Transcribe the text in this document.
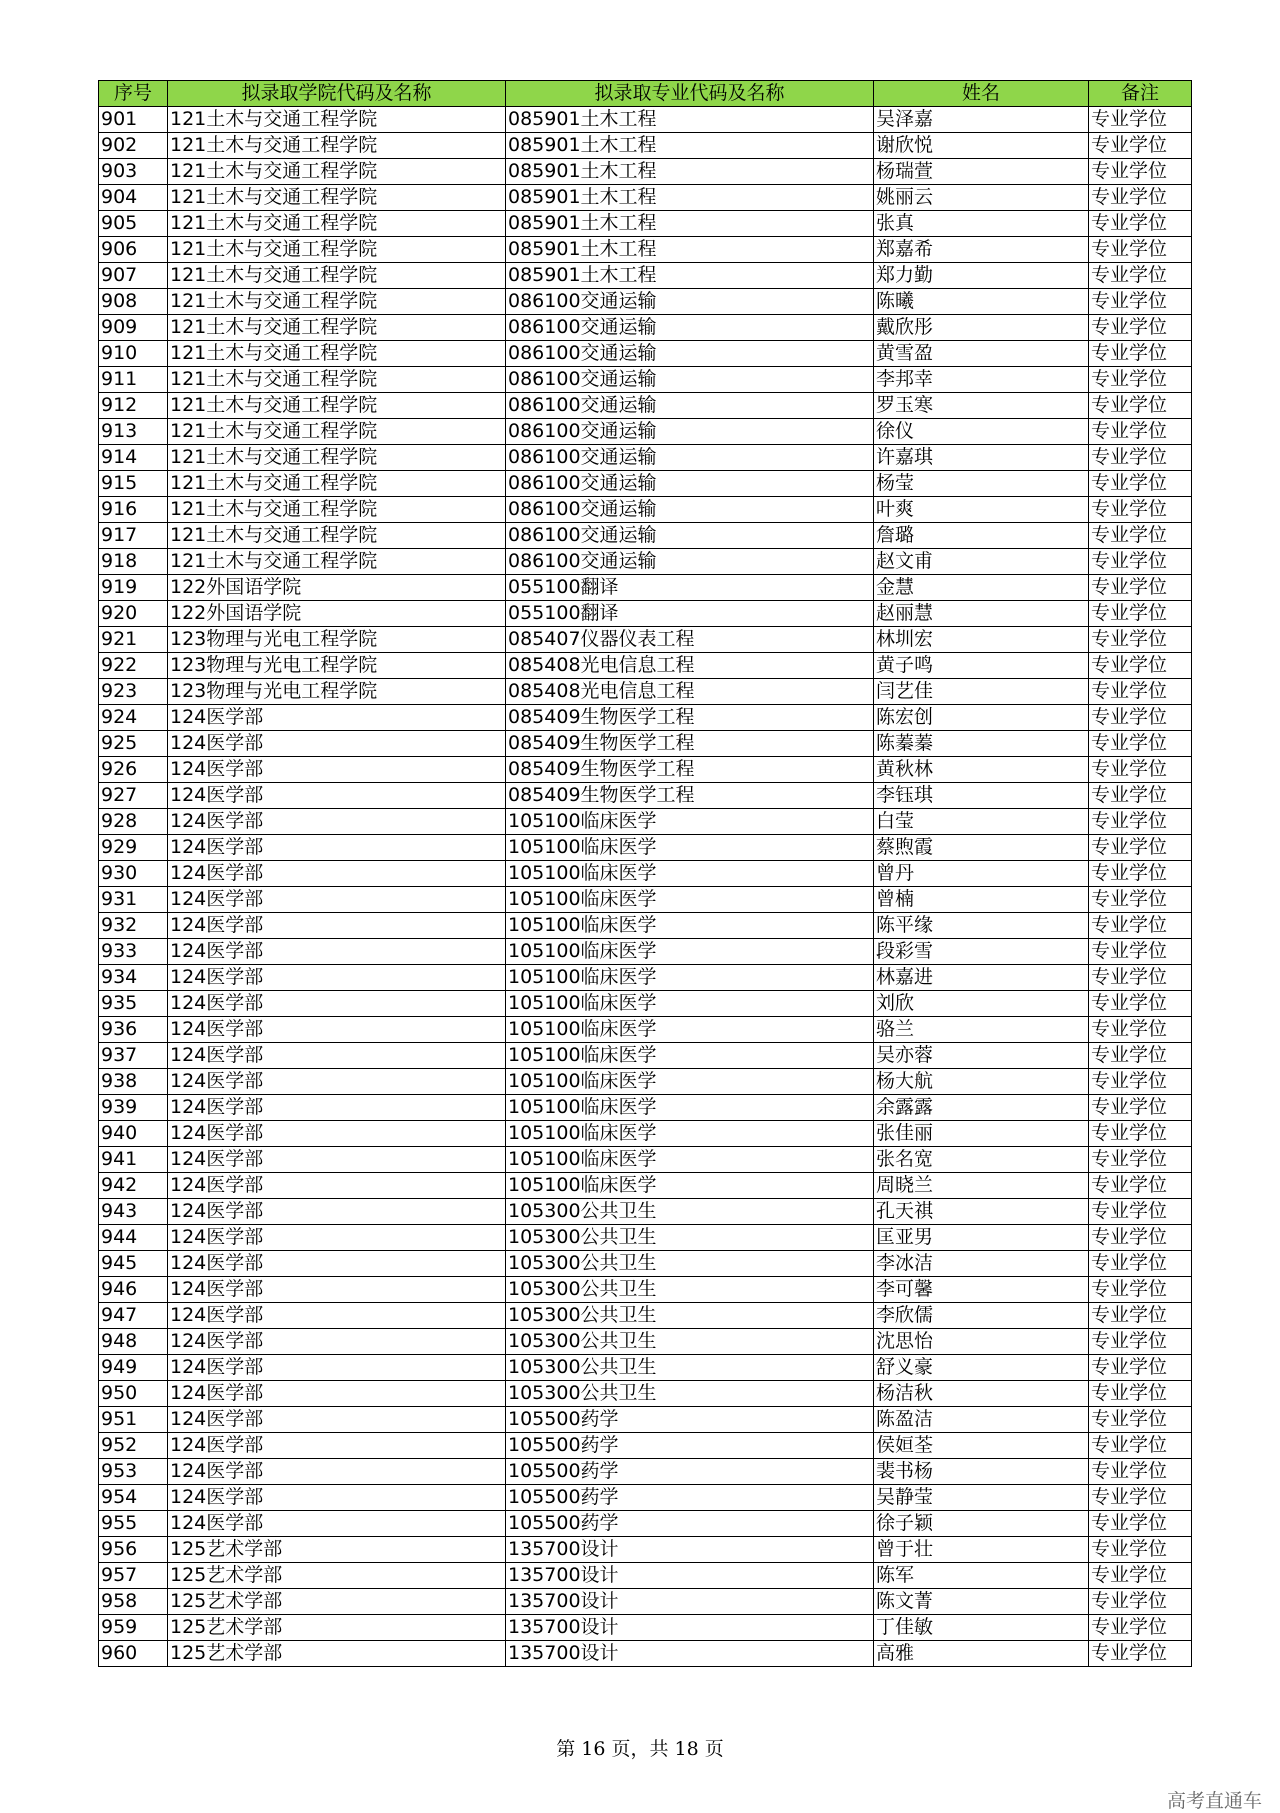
序号	拟录取学院代码及名称	拟录取专业代码及名称	姓名	备注
901	121土木与交通工程学院	085901土木工程	吴泽嘉	专业学位
902	121土木与交通工程学院	085901土木工程	谢欣悦	专业学位
903	121土木与交通工程学院	085901土木工程	杨瑞萱	专业学位
904	121土木与交通工程学院	085901土木工程	姚丽云	专业学位
905	121土木与交通工程学院	085901土木工程	张真	专业学位
906	121土木与交通工程学院	085901土木工程	郑嘉希	专业学位
907	121土木与交通工程学院	085901土木工程	郑力勤	专业学位
908	121土木与交通工程学院	086100交通运输	陈曦	专业学位
909	121土木与交通工程学院	086100交通运输	戴欣彤	专业学位
910	121土木与交通工程学院	086100交通运输	黄雪盈	专业学位
911	121土木与交通工程学院	086100交通运输	李邦幸	专业学位
912	121土木与交通工程学院	086100交通运输	罗玉寒	专业学位
913	121土木与交通工程学院	086100交通运输	徐仪	专业学位
914	121土木与交通工程学院	086100交通运输	许嘉琪	专业学位
915	121土木与交通工程学院	086100交通运输	杨莹	专业学位
916	121土木与交通工程学院	086100交通运输	叶爽	专业学位
917	121土木与交通工程学院	086100交通运输	詹璐	专业学位
918	121土木与交通工程学院	086100交通运输	赵文甫	专业学位
919	122外国语学院	055100翻译	金慧	专业学位
920	122外国语学院	055100翻译	赵丽慧	专业学位
921	123物理与光电工程学院	085407仪器仪表工程	林圳宏	专业学位
922	123物理与光电工程学院	085408光电信息工程	黄子鸣	专业学位
923	123物理与光电工程学院	085408光电信息工程	闫艺佳	专业学位
924	124医学部	085409生物医学工程	陈宏创	专业学位
925	124医学部	085409生物医学工程	陈蓁蓁	专业学位
926	124医学部	085409生物医学工程	黄秋林	专业学位
927	124医学部	085409生物医学工程	李钰琪	专业学位
928	124医学部	105100临床医学	白莹	专业学位
929	124医学部	105100临床医学	蔡煦霞	专业学位
930	124医学部	105100临床医学	曾丹	专业学位
931	124医学部	105100临床医学	曾楠	专业学位
932	124医学部	105100临床医学	陈平缘	专业学位
933	124医学部	105100临床医学	段彩雪	专业学位
934	124医学部	105100临床医学	林嘉进	专业学位
935	124医学部	105100临床医学	刘欣	专业学位
936	124医学部	105100临床医学	骆兰	专业学位
937	124医学部	105100临床医学	吴亦蓉	专业学位
938	124医学部	105100临床医学	杨大航	专业学位
939	124医学部	105100临床医学	余露露	专业学位
940	124医学部	105100临床医学	张佳丽	专业学位
941	124医学部	105100临床医学	张名宽	专业学位
942	124医学部	105100临床医学	周晓兰	专业学位
943	124医学部	105300公共卫生	孔天祺	专业学位
944	124医学部	105300公共卫生	匡亚男	专业学位
945	124医学部	105300公共卫生	李冰洁	专业学位
946	124医学部	105300公共卫生	李可馨	专业学位
947	124医学部	105300公共卫生	李欣儒	专业学位
948	124医学部	105300公共卫生	沈思怡	专业学位
949	124医学部	105300公共卫生	舒义豪	专业学位
950	124医学部	105300公共卫生	杨洁秋	专业学位
951	124医学部	105500药学	陈盈洁	专业学位
952	124医学部	105500药学	侯姮荃	专业学位
953	124医学部	105500药学	裴书杨	专业学位
954	124医学部	105500药学	吴静莹	专业学位
955	124医学部	105500药学	徐子颖	专业学位
956	125艺术学部	135700设计	曾于壮	专业学位
957	125艺术学部	135700设计	陈军	专业学位
958	125艺术学部	135700设计	陈文菁	专业学位
959	125艺术学部	135700设计	丁佳敏	专业学位
960	125艺术学部	135700设计	高雅	专业学位
第 16 页，共 18 页
高考直通车
